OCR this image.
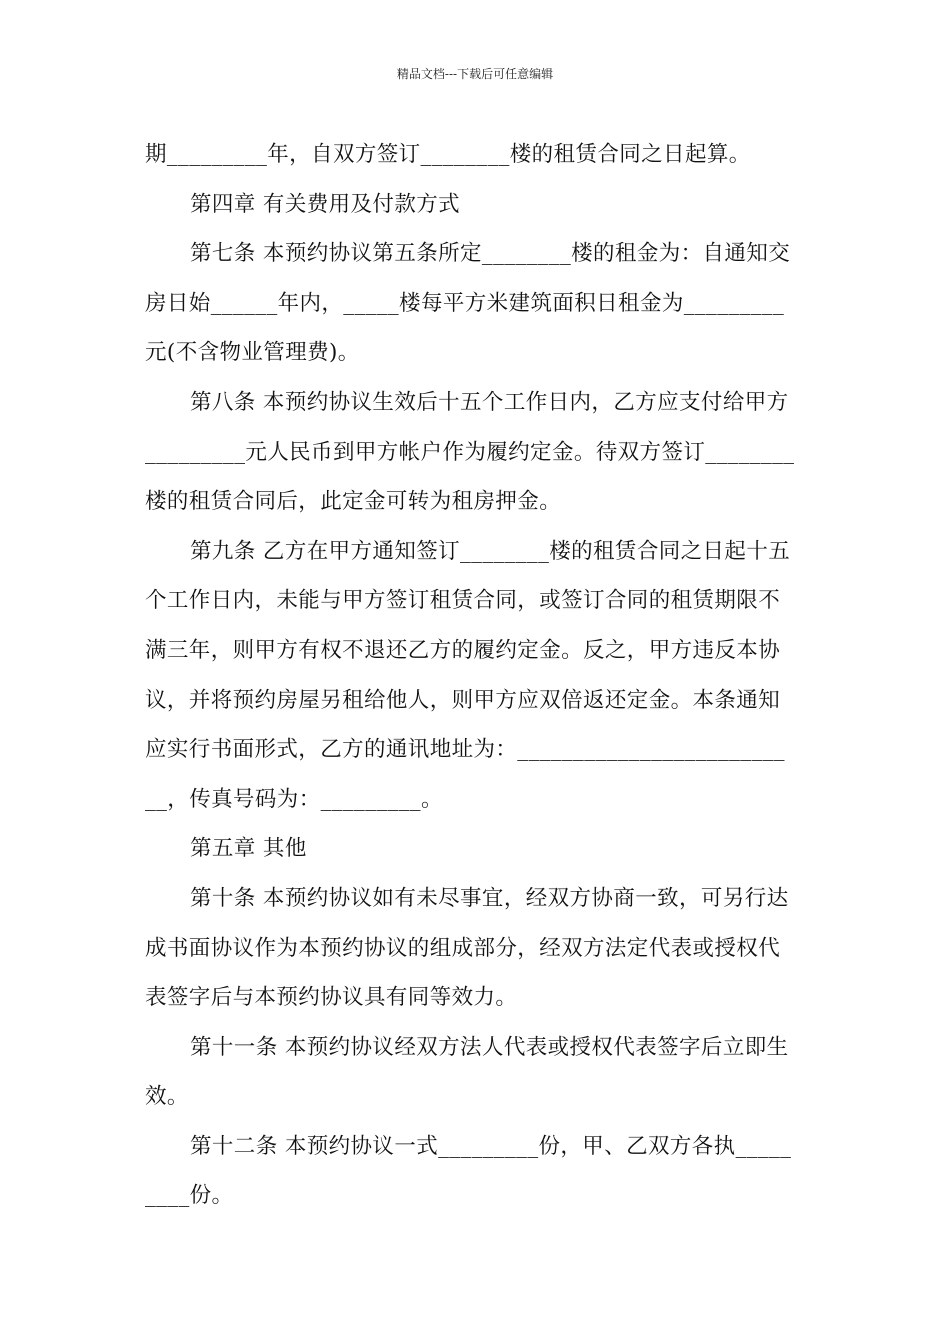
精品文档---下载后可任意编辑
期_________年，自双方签订________楼的租赁合同之日起算。
第四章 有关费用及付款方式
第七条 本预约协议第五条所定________楼的租金为：自通知交
房日始______年内，_____楼每平方米建筑面积日租金为_________
元(不含物业管理费)。
第八条 本预约协议生效后十五个工作日内，乙方应支付给甲方
_________元人民币到甲方帐户作为履约定金。待双方签订________
楼的租赁合同后，此定金可转为租房押金。
第九条 乙方在甲方通知签订________楼的租赁合同之日起十五
个工作日内，未能与甲方签订租赁合同，或签订合同的租赁期限不
满三年，则甲方有权不退还乙方的履约定金。反之，甲方违反本协
议，并将预约房屋另租给他人，则甲方应双倍返还定金。本条通知
应实行书面形式，乙方的通讯地址为：________________________
__，传真号码为：_________。
第五章 其他
第十条 本预约协议如有未尽事宜，经双方协商一致，可另行达
成书面协议作为本预约协议的组成部分，经双方法定代表或授权代
表签字后与本预约协议具有同等效力。
第十一条 本预约协议经双方法人代表或授权代表签字后立即生
效。
第十二条 本预约协议一式_________份，甲、乙双方各执_____
____份。
